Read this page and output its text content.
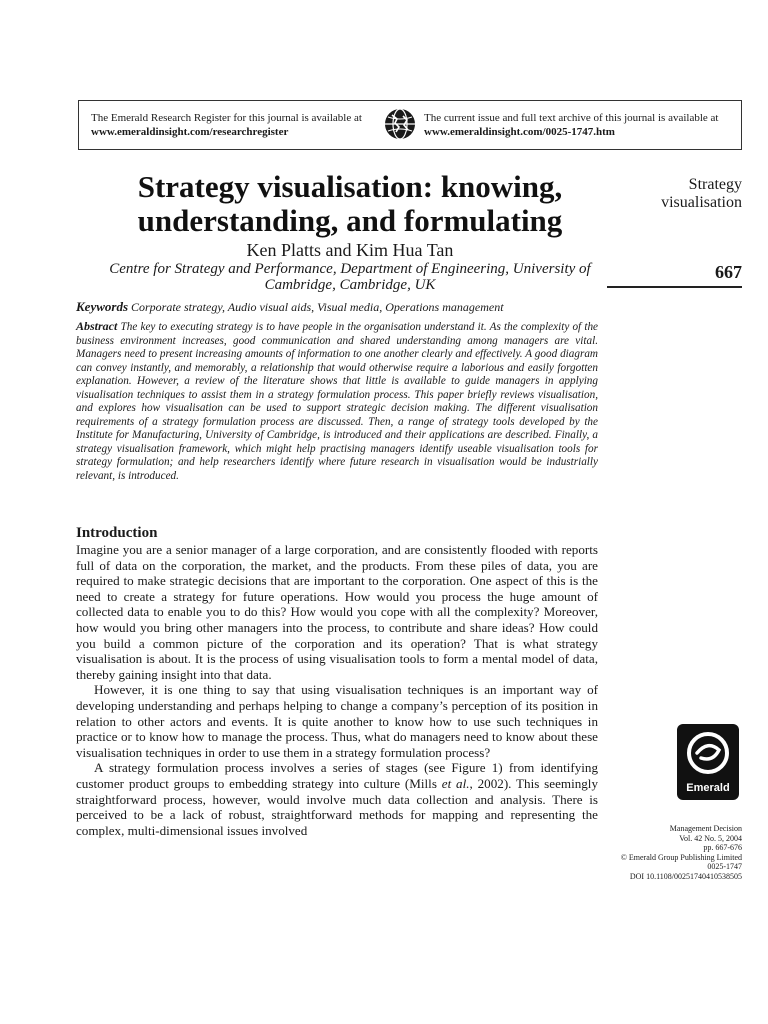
The Emerald Research Register for this journal is available at
www.emeraldinsight.com/researchregister
The current issue and full text archive of this journal is available at
www.emeraldinsight.com/0025-1747.htm
Strategy visualisation: knowing,
understanding, and formulating
Ken Platts and Kim Hua Tan
Centre for Strategy and Performance, Department of Engineering, University of
Cambridge, Cambridge, UK
Strategy
visualisation
667
Keywords Corporate strategy, Audio visual aids, Visual media, Operations management
Abstract The key to executing strategy is to have people in the organisation understand it. As the complexity of the business environment increases, good communication and shared understanding among managers are vital. Managers need to present increasing amounts of information to one another clearly and effectively. A good diagram can convey instantly, and memorably, a relationship that would otherwise require a laborious and easily forgotten explanation. However, a review of the literature shows that little is available to guide managers in applying visualisation techniques to assist them in a strategy formulation process. This paper briefly reviews visualisation, and explores how visualisation can be used to support strategic decision making. The different visualisation requirements of a strategy formulation process are discussed. Then, a range of strategy tools developed by the Institute for Manufacturing, University of Cambridge, is introduced and their applications are described. Finally, a strategy visualisation framework, which might help practising managers identify useable visualisation tools for strategy formulation; and help researchers identify where future research in visualisation would be industrially relevant, is introduced.
Introduction

Imagine you are a senior manager of a large corporation, and are consistently flooded with reports full of data on the corporation, the market, and the products. From these piles of data, you are required to make strategic decisions that are important to the corporation. One aspect of this is the need to create a strategy for future operations. How would you process the huge amount of collected data to enable you to do this? How would you cope with all the complexity? Moreover, how would you bring other managers into the process, to contribute and share ideas? How could you build a common picture of the corporation and its operation? That is what strategy visualisation is about. It is the process of using visualisation tools to form a mental model of data, thereby gaining insight into that data.

However, it is one thing to say that using visualisation techniques is an important way of developing understanding and perhaps helping to change a company’s perception of its position in relation to other actors and events. It is quite another to know how to use such techniques in practice or to know how to manage the process. Thus, what do managers need to know about these visualisation techniques in order to use them in a strategy formulation process?

A strategy formulation process involves a series of stages (see Figure 1) from identifying customer product groups to embedding strategy into culture (Mills et al., 2002). This seemingly straightforward process, however, would involve much data collection and analysis. There is perceived to be a lack of robust, straightforward methods for mapping and representing the complex, multi-dimensional issues involved

Emerald
Management Decision
Vol. 42 No. 5, 2004
pp. 667-676
© Emerald Group Publishing Limited
0025-1747
DOI 10.1108/00251740410538505
